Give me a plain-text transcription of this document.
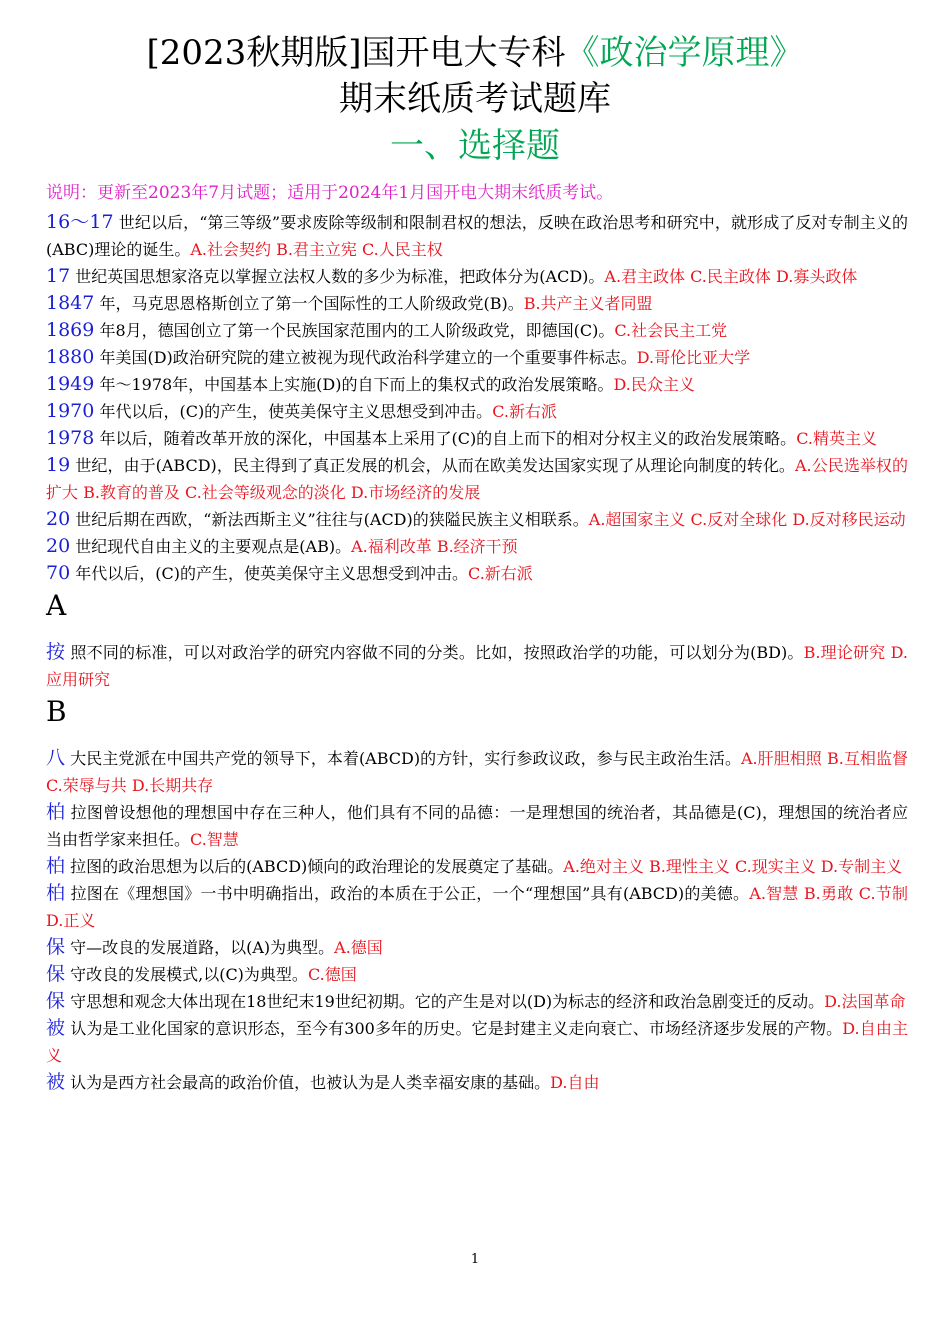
[2023秋期版]国开电大专科《政治学原理》
期末纸质考试题库
一、选择题
说明：更新至2023年7月试题；适用于2024年1月国开电大期末纸质考试。

16～17 世纪以后，“第三等级”要求废除等级制和限制君权的想法，反映在政治思考和研究中，就形成了反对专制主义的(ABC)理论的诞生。A.社会契约 B.君主立宪 C.人民主权

17 世纪英国思想家洛克以掌握立法权人数的多少为标准，把政体分为(ACD)。A.君主政体 C.民主政体 D.寡头政体

1847 年，马克思恩格斯创立了第一个国际性的工人阶级政党(B)。B.共产主义者同盟

1869 年8月，德国创立了第一个民族国家范围内的工人阶级政党，即德国(C)。C.社会民主工党

1880 年美国(D)政治研究院的建立被视为现代政治科学建立的一个重要事件标志。D.哥伦比亚大学

1949 年～1978年，中国基本上实施(D)的自下而上的集权式的政治发展策略。D.民众主义

1970 年代以后，(C)的产生，使英美保守主义思想受到冲击。C.新右派

1978 年以后，随着改革开放的深化，中国基本上采用了(C)的自上而下的相对分权主义的政治发展策略。C.精英主义

19 世纪，由于(ABCD)，民主得到了真正发展的机会，从而在欧美发达国家实现了从理论向制度的转化。A.公民选举权的扩大 B.教育的普及 C.社会等级观念的淡化 D.市场经济的发展

20 世纪后期在西欧，“新法西斯主义”往往与(ACD)的狭隘民族主义相联系。A.超国家主义 C.反对全球化 D.反对移民运动

20 世纪现代自由主义的主要观点是(AB)。A.福利改革 B.经济干预

70 年代以后，(C)的产生，使英美保守主义思想受到冲击。C.新右派

A

按 照不同的标准，可以对政治学的研究内容做不同的分类。比如，按照政治学的功能，可以划分为(BD)。B.理论研究 D.应用研究

B

八 大民主党派在中国共产党的领导下，本着(ABCD)的方针，实行参政议政，参与民主政治生活。A.肝胆相照 B.互相监督 C.荣辱与共 D.长期共存

柏 拉图曾设想他的理想国中存在三种人，他们具有不同的品德：一是理想国的统治者，其品德是(C)，理想国的统治者应当由哲学家来担任。C.智慧

柏 拉图的政治思想为以后的(ABCD)倾向的政治理论的发展奠定了基础。A.绝对主义 B.理性主义 C.现实主义 D.专制主义

柏 拉图在《理想国》一书中明确指出，政治的本质在于公正，一个“理想国”具有(ABCD)的美德。A.智慧 B.勇敢 C.节制 D.正义

保 守—改良的发展道路，以(A)为典型。A.德国

保 守改良的发展模式,以(C)为典型。C.德国

保 守思想和观念大体出现在18世纪末19世纪初期。它的产生是对以(D)为标志的经济和政治急剧变迁的反动。D.法国革命

被 认为是工业化国家的意识形态，至今有300多年的历史。它是封建主义走向衰亡、市场经济逐步发展的产物。D.自由主义

被 认为是西方社会最高的政治价值，也被认为是人类幸福安康的基础。D.自由

1
